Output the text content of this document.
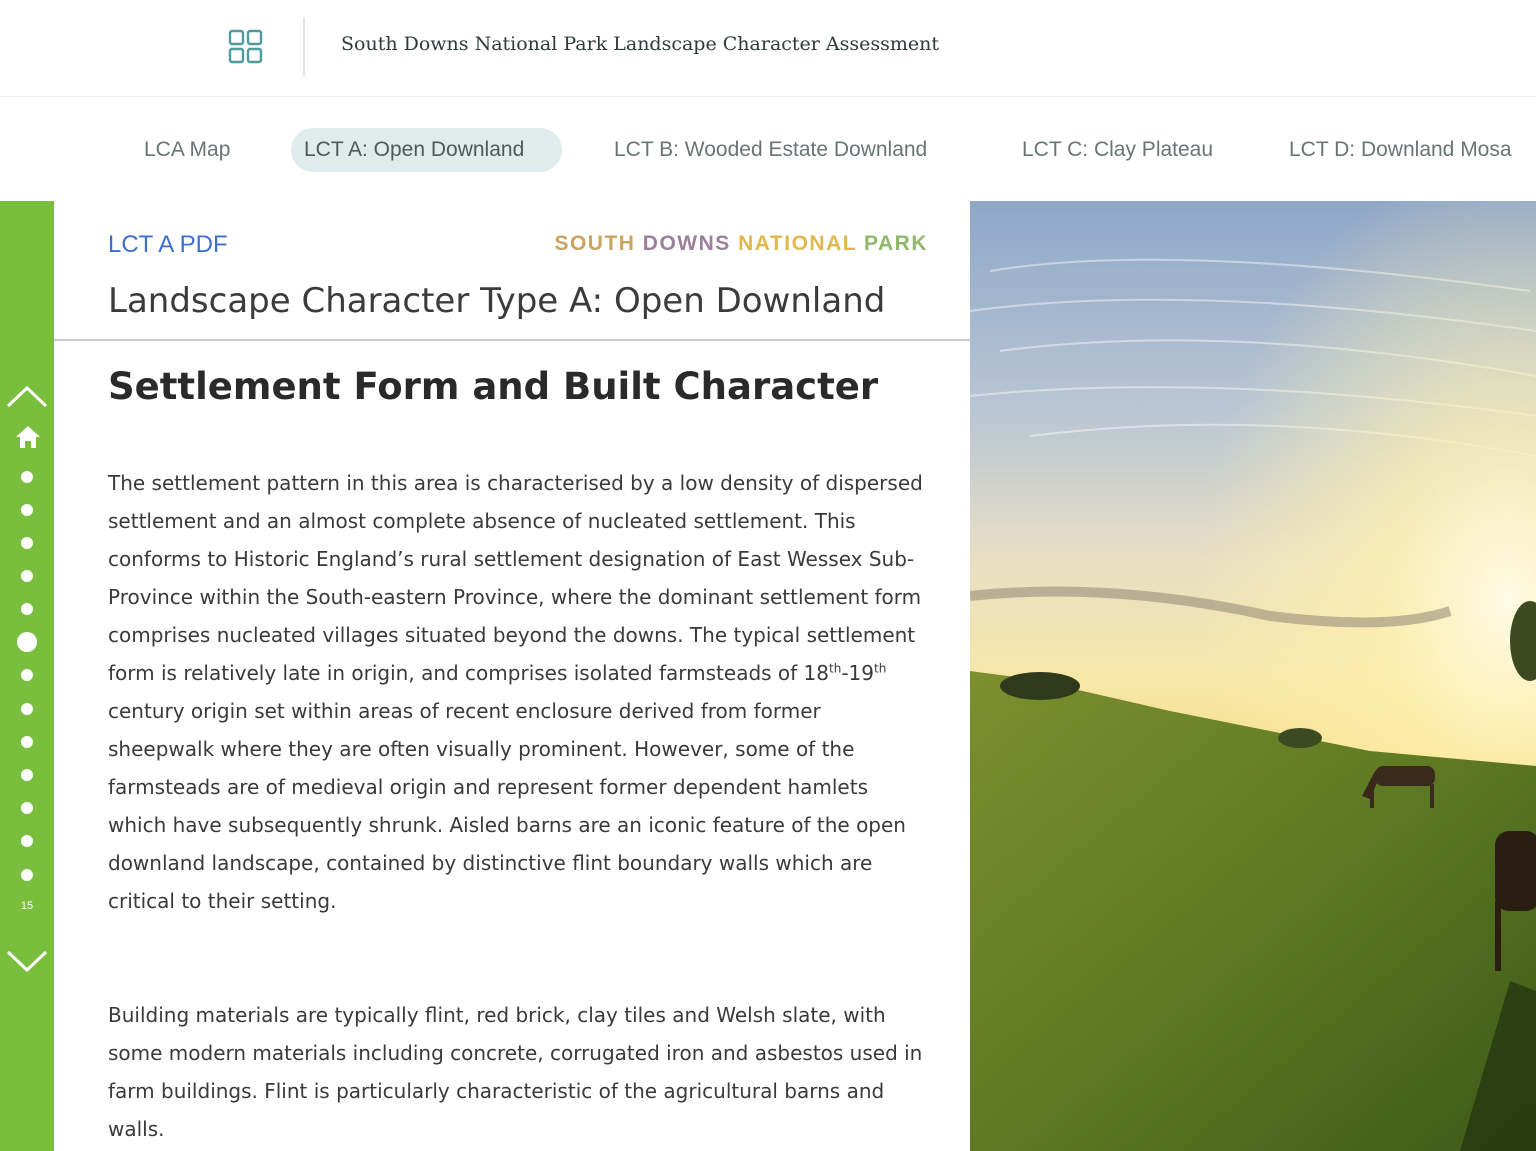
South Downs National Park Landscape Character Assessment
LCA Map	LCT A: Open Downland	LCT B: Wooded Estate Downland	LCT C: Clay Plateau	LCT D: Downland Mosa
15
LCT A PDF	SOUTH DOWNS NATIONAL PARK
Landscape Character Type A: Open Downland
Settlement Form and Built Character

The settlement pattern in this area is characterised by a low density of dispersed settlement and an almost complete absence of nucleated settlement. This conforms to Historic England’s rural settlement designation of East Wessex Sub-Province within the South-eastern Province, where the dominant settlement form comprises nucleated villages situated beyond the downs. The typical settlement form is relatively late in origin, and comprises isolated farmsteads of 18th-19th century origin set within areas of recent enclosure derived from former sheepwalk where they are often visually prominent. However, some of the farmsteads are of medieval origin and represent former dependent hamlets which have subsequently shrunk. Aisled barns are an iconic feature of the open downland landscape, contained by distinctive flint boundary walls which are critical to their setting.

Building materials are typically flint, red brick, clay tiles and Welsh slate, with some modern materials including concrete, corrugated iron and asbestos used in farm buildings. Flint is particularly characteristic of the agricultural barns and walls.
